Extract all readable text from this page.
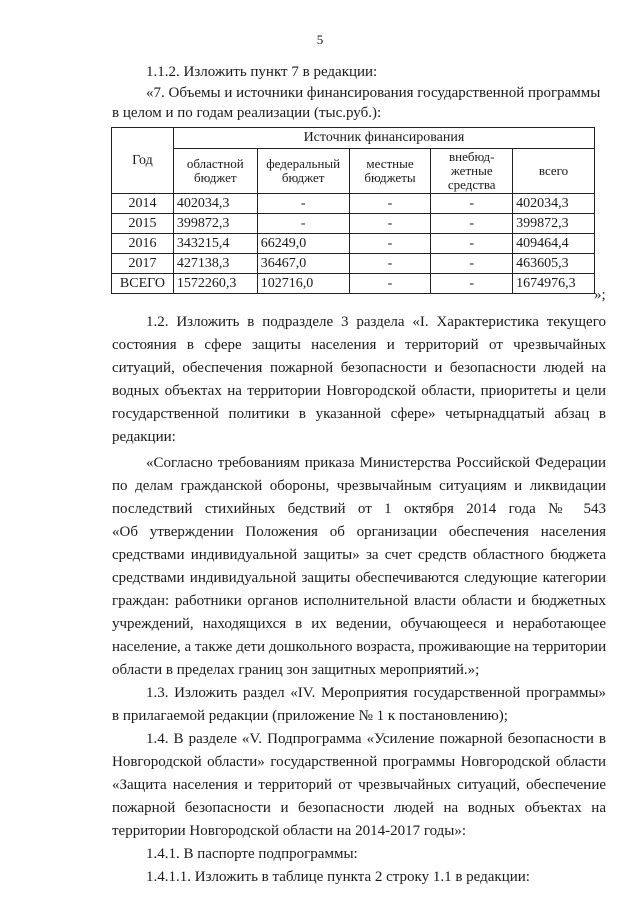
5
1.1.2. Изложить пункт 7 в редакции:
«7. Объемы и источники финансирования государственной программы
в целом и по годам реализации (тыс.руб.):
Год	Источник финансирования				
	областной бюджет	федеральный бюджет	местные бюджеты	внебюд-жетные средства	всего
2014	402034,3	-	-	-	402034,3
2015	399872,3	-	-	-	399872,3
2016	343215,4	66249,0	-	-	409464,4
2017	427138,3	36467,0	-	-	463605,3
ВСЕГО	1572260,3	102716,0	-	-	1674976,3
»;
1.2. Изложить в подразделе 3 раздела «I. Характеристика текущего
состояния в сфере защиты населения и территорий от чрезвычайных
ситуаций, обеспечения пожарной безопасности и безопасности людей на
водных объектах на территории Новгородской области, приоритеты и цели
государственной политики в указанной сфере» четырнадцатый абзац в
редакции:
«Согласно требованиям приказа Министерства Российской Федерации
по делам гражданской обороны, чрезвычайным ситуациям и ликвидации
последствий стихийных бедствий от 1 октября 2014 года № 543
«Об утверждении Положения об организации обеспечения населения
средствами индивидуальной защиты» за счет средств областного бюджета
средствами индивидуальной защиты обеспечиваются следующие категории
граждан: работники органов исполнительной власти области и бюджетных
учреждений, находящихся в их ведении, обучающееся и неработающее
население, а также дети дошкольного возраста, проживающие на территории
области в пределах границ зон защитных мероприятий.»;
1.3. Изложить раздел «IV. Мероприятия государственной программы»
в прилагаемой редакции (приложение № 1 к постановлению);
1.4. В разделе «V. Подпрограмма «Усиление пожарной безопасности в
Новгородской области» государственной программы Новгородской области
«Защита населения и территорий от чрезвычайных ситуаций, обеспечение
пожарной безопасности и безопасности людей на водных объектах на
территории Новгородской области на 2014-2017 годы»:
1.4.1. В паспорте подпрограммы:
1.4.1.1. Изложить в таблице пункта 2 строку 1.1 в редакции:
